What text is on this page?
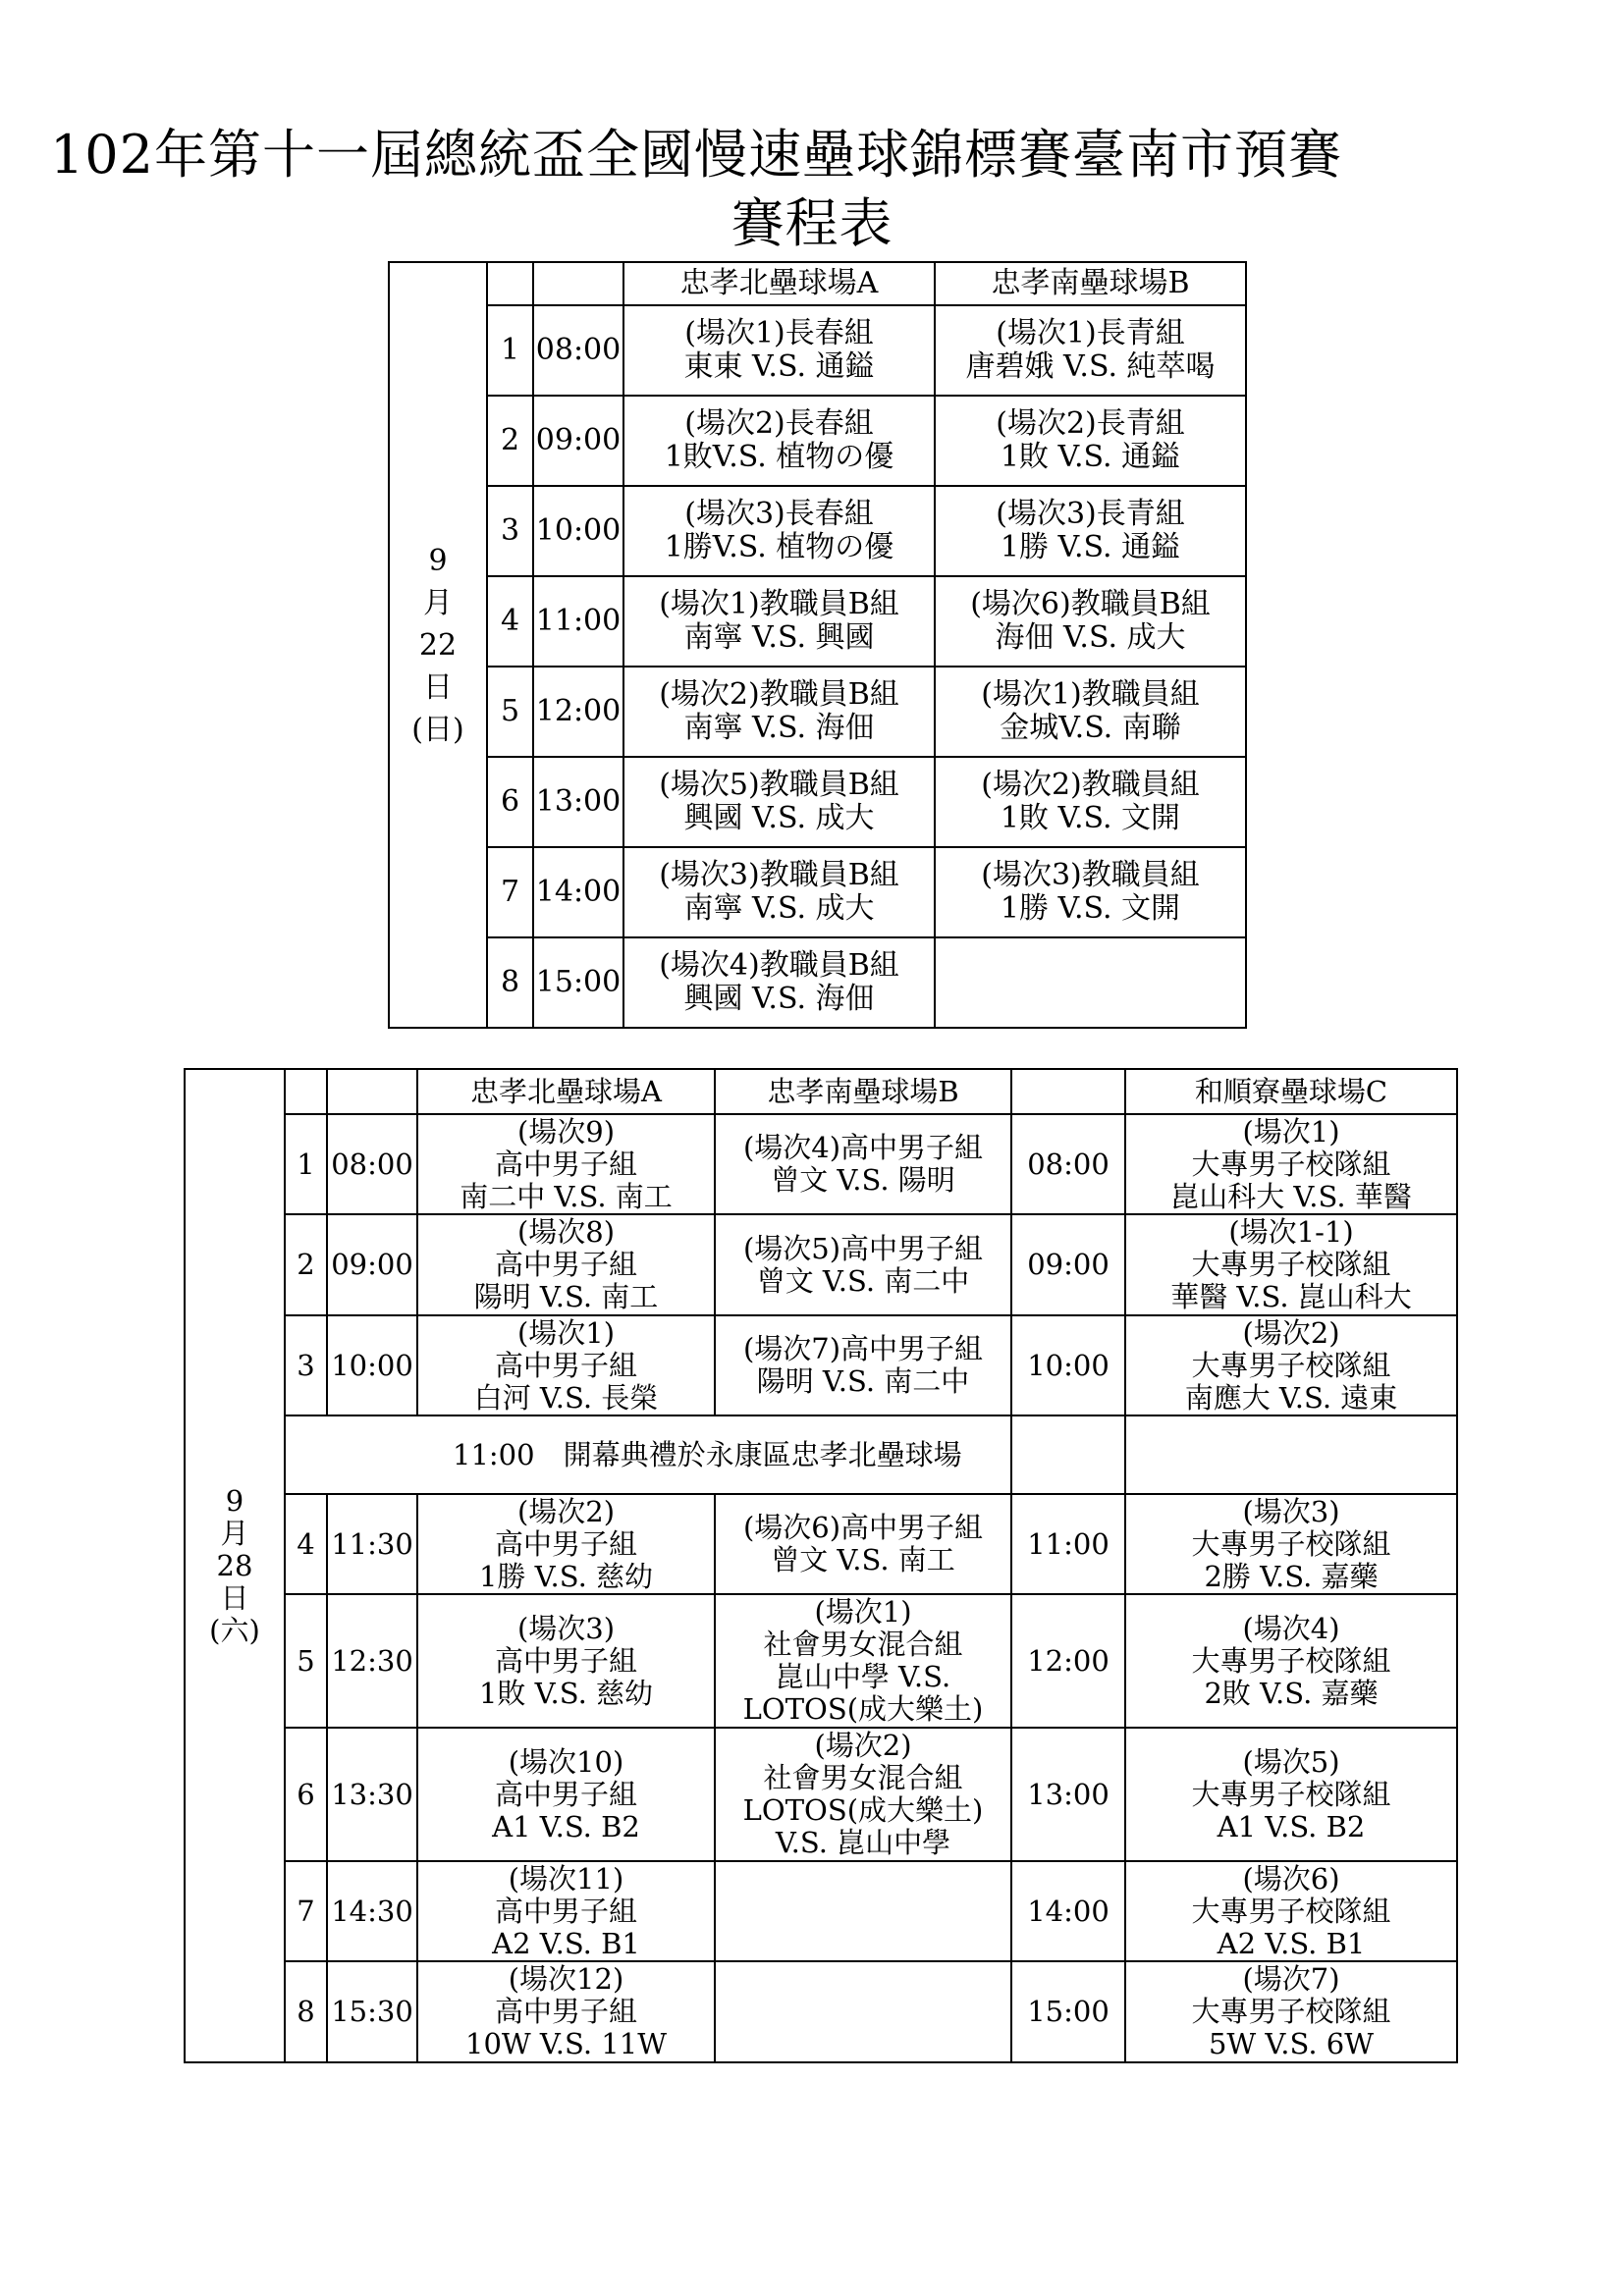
102年第十一屆總統盃全國慢速壘球錦標賽臺南市預賽
賽程表
9
月
22
日
(日)			忠孝北壘球場A	忠孝南壘球場B

	1	08:00	(場次1)長春組
東東 V.S. 通鎰	(場次1)長青組
唐碧娥 V.S. 純萃喝

	2	09:00	(場次2)長春組
1敗V.S. 植物の優	(場次2)長青組
1敗 V.S. 通鎰

	3	10:00	(場次3)長春組
1勝V.S. 植物の優	(場次3)長青組
1勝 V.S. 通鎰

	4	11:00	(場次1)教職員B組
南寧 V.S. 興國	(場次6)教職員B組
海佃 V.S. 成大

	5	12:00	(場次2)教職員B組
南寧 V.S. 海佃	(場次1)教職員組
金城V.S. 南聯

	6	13:00	(場次5)教職員B組
興國 V.S. 成大	(場次2)教職員組
1敗 V.S. 文開

	7	14:00	(場次3)教職員B組
南寧 V.S. 成大	(場次3)教職員組
1勝 V.S. 文開

	8	15:00	(場次4)教職員B組
興國 V.S. 海佃	

9
月
28
日
(六)			忠孝北壘球場A	忠孝南壘球場B		和順寮壘球場C

	1	08:00	(場次9)
高中男子組
南二中 V.S. 南工	(場次4)高中男子組
曾文 V.S. 陽明	08:00	(場次1)
大專男子校隊組
崑山科大 V.S. 華醫

	2	09:00	(場次8)
高中男子組
陽明 V.S. 南工	(場次5)高中男子組
曾文 V.S. 南二中	09:00	(場次1-1)
大專男子校隊組
華醫 V.S. 崑山科大

	3	10:00	(場次1)
高中男子組
白河 V.S. 長榮	(場次7)高中男子組
陽明 V.S. 南二中	10:00	(場次2)
大專男子校隊組
南應大 V.S. 遠東

	11:00　開幕典禮於永康區忠孝北壘球場					

	4	11:30	(場次2)
高中男子組
1勝 V.S. 慈幼	(場次6)高中男子組
曾文 V.S. 南工	11:00	(場次3)
大專男子校隊組
2勝 V.S. 嘉藥

	5	12:30	(場次3)
高中男子組
1敗 V.S. 慈幼	(場次1)
社會男女混合組
崑山中學 V.S.
LOTOS(成大樂土)	12:00	(場次4)
大專男子校隊組
2敗 V.S. 嘉藥

	6	13:30	(場次10)
高中男子組
A1 V.S. B2	(場次2)
社會男女混合組
LOTOS(成大樂土)
V.S. 崑山中學	13:00	(場次5)
大專男子校隊組
A1 V.S. B2

	7	14:30	(場次11)
高中男子組
A2 V.S. B1		14:00	(場次6)
大專男子校隊組
A2 V.S. B1

	8	15:30	(場次12)
高中男子組
10W V.S. 11W		15:00	(場次7)
大專男子校隊組
5W V.S. 6W
